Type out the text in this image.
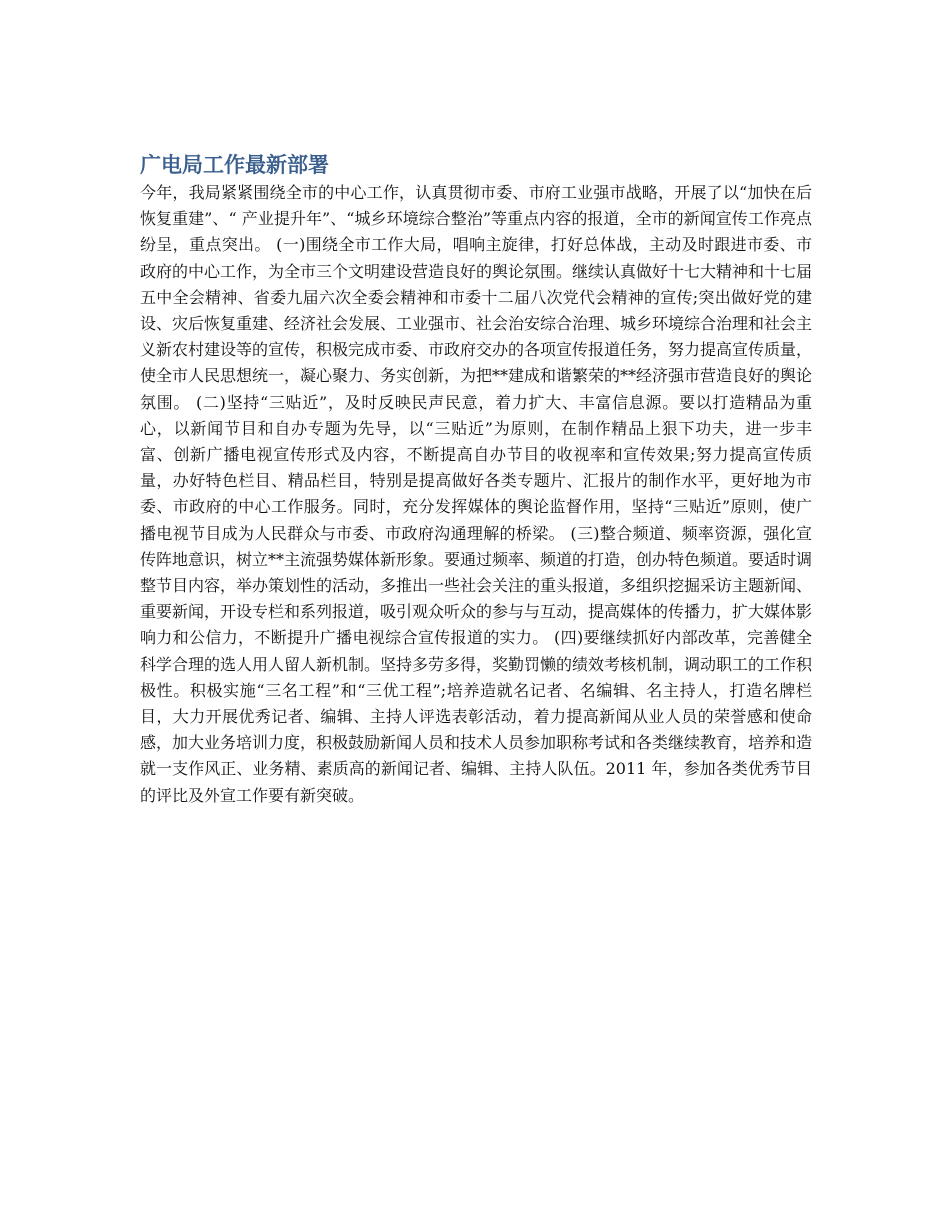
广电局工作最新部署

今年，我局紧紧围绕全市的中心工作，认真贯彻市委、市府工业强市战略，开展了以“加快在后恢复重建”、“ 产业提升年”、“城乡环境综合整治”等重点内容的报道，全市的新闻宣传工作亮点纷呈，重点突出。 (一)围绕全市工作大局，唱响主旋律，打好总体战，主动及时跟进市委、市政府的中心工作，为全市三个文明建设营造良好的舆论氛围。继续认真做好十七大精神和十七届五中全会精神、省委九届六次全委会精神和市委十二届八次党代会精神的宣传;突出做好党的建设、灾后恢复重建、经济社会发展、工业强市、社会治安综合治理、城乡环境综合治理和社会主义新农村建设等的宣传，积极完成市委、市政府交办的各项宣传报道任务，努力提高宣传质量，使全市人民思想统一，凝心聚力、务实创新，为把**建成和谐繁荣的**经济强市营造良好的舆论氛围。 (二)坚持“三贴近”，及时反映民声民意，着力扩大、丰富信息源。要以打造精品为重心，以新闻节目和自办专题为先导，以“三贴近”为原则，在制作精品上狠下功夫，进一步丰富、创新广播电视宣传形式及内容，不断提高自办节目的收视率和宣传效果;努力提高宣传质量，办好特色栏目、精品栏目，特别是提高做好各类专题片、汇报片的制作水平，更好地为市委、市政府的中心工作服务。同时，充分发挥媒体的舆论监督作用，坚持“三贴近”原则，使广播电视节目成为人民群众与市委、市政府沟通理解的桥梁。 (三)整合频道、频率资源，强化宣传阵地意识，树立**主流强势媒体新形象。要通过频率、频道的打造，创办特色频道。要适时调整节目内容，举办策划性的活动，多推出一些社会关注的重头报道，多组织挖掘采访主题新闻、重要新闻，开设专栏和系列报道，吸引观众听众的参与与互动，提高媒体的传播力，扩大媒体影响力和公信力，不断提升广播电视综合宣传报道的实力。 (四)要继续抓好内部改革，完善健全科学合理的选人用人留人新机制。坚持多劳多得，奖勤罚懒的绩效考核机制，调动职工的工作积极性。积极实施“三名工程”和“三优工程”;培养造就名记者、名编辑、名主持人，打造名牌栏目，大力开展优秀记者、编辑、主持人评选表彰活动，着力提高新闻从业人员的荣誉感和使命感，加大业务培训力度，积极鼓励新闻人员和技术人员参加职称考试和各类继续教育，培养和造就一支作风正、业务精、素质高的新闻记者、编辑、主持人队伍。2011 年，参加各类优秀节目的评比及外宣工作要有新突破。
